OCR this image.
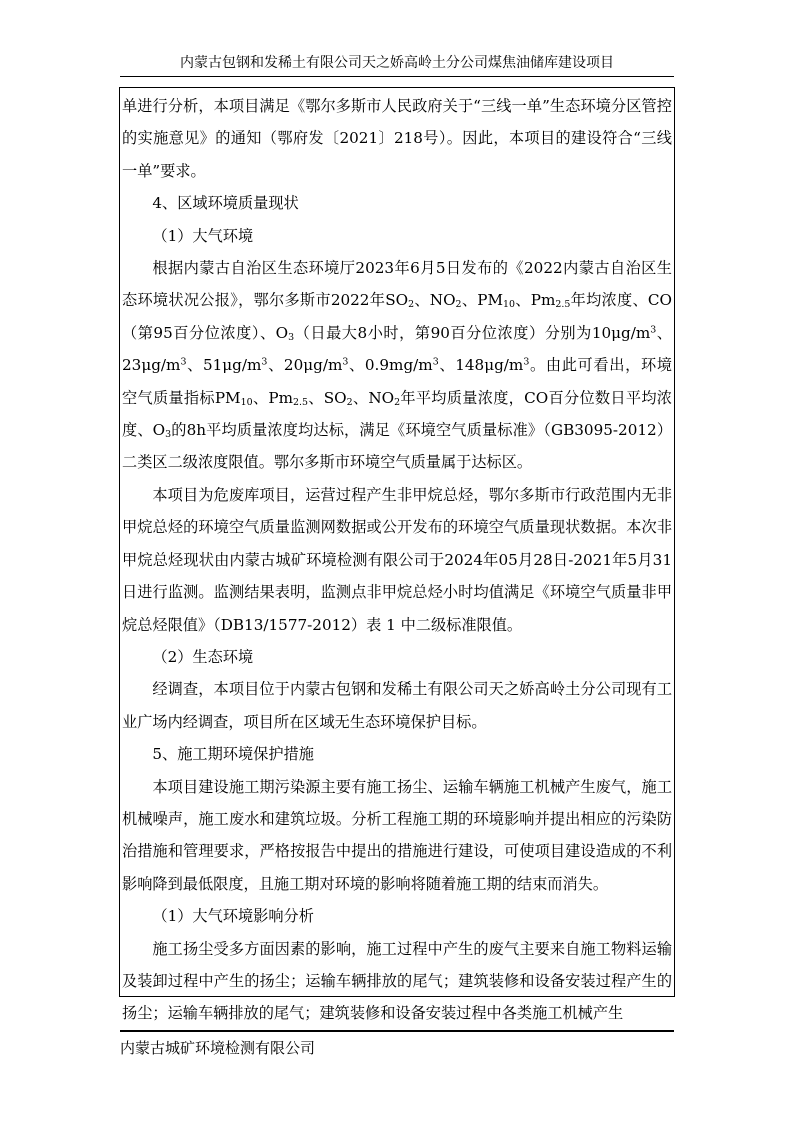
内蒙古包钢和发稀土有限公司天之娇高岭土分公司煤焦油储库建设项目

单进行分析，本项目满足《鄂尔多斯市人民政府关于“三线一单”生态环境分区管控的实施意见》的通知（鄂府发〔2021〕218号）。因此，本项目的建设符合“三线一单”要求。

4、区域环境质量现状

（1）大气环境

根据内蒙古自治区生态环境厅2023年6月5日发布的《2022内蒙古自治区生态环境状况公报》，鄂尔多斯市2022年$SO_2$、$NO_2$、$PM_{10}$、$Pm_{2.5}$年均浓度、CO（第95百分位浓度）、$O_3$（日最大8小时，第90百分位浓度）分别为$10\mu g/m^3$、$23\mu g/m^3$、$51\mu g/m^3$、$20\mu g/m^3$、$0.9mg/m^3$、$148\mu g/m^3$。由此可看出，环境空气质量指标$PM_{10}$、$Pm_{2.5}$、$SO_2$、$NO_2$年平均质量浓度，CO百分位数日平均浓度、$O_3$的8h平均质量浓度均达标，满足《环境空气质量标准》（GB3095-2012）二类区二级浓度限值。鄂尔多斯市环境空气质量属于达标区。

本项目为危废库项目，运营过程产生非甲烷总烃，鄂尔多斯市行政范围内无非甲烷总烃的环境空气质量监测网数据或公开发布的环境空气质量现状数据。本次非甲烷总烃现状由内蒙古城矿环境检测有限公司于2024年05月28日-2021年5月31日进行监测。监测结果表明，监测点非甲烷总烃小时均值满足《环境空气质量非甲烷总烃限值》（DB13/1577-2012）表 1 中二级标准限值。

（2）生态环境

经调查，本项目位于内蒙古包钢和发稀土有限公司天之娇高岭土分公司现有工业广场内经调查，项目所在区域无生态环境保护目标。

5、施工期环境保护措施

本项目建设施工期污染源主要有施工扬尘、运输车辆施工机械产生废气，施工机械噪声，施工废水和建筑垃圾。分析工程施工期的环境影响并提出相应的污染防治措施和管理要求，严格按报告中提出的措施进行建设，可使项目建设造成的不利影响降到最低限度，且施工期对环境的影响将随着施工期的结束而消失。

（1）大气环境影响分析

施工扬尘受多方面因素的影响，施工过程中产生的废气主要来自施工物料运输及装卸过程中产生的扬尘；运输车辆排放的尾气；建筑装修和设备安装过程产生的扬尘；运输车辆排放的尾气；建筑装修和设备安装过程中各类施工机械产生

内蒙古城矿环境检测有限公司
